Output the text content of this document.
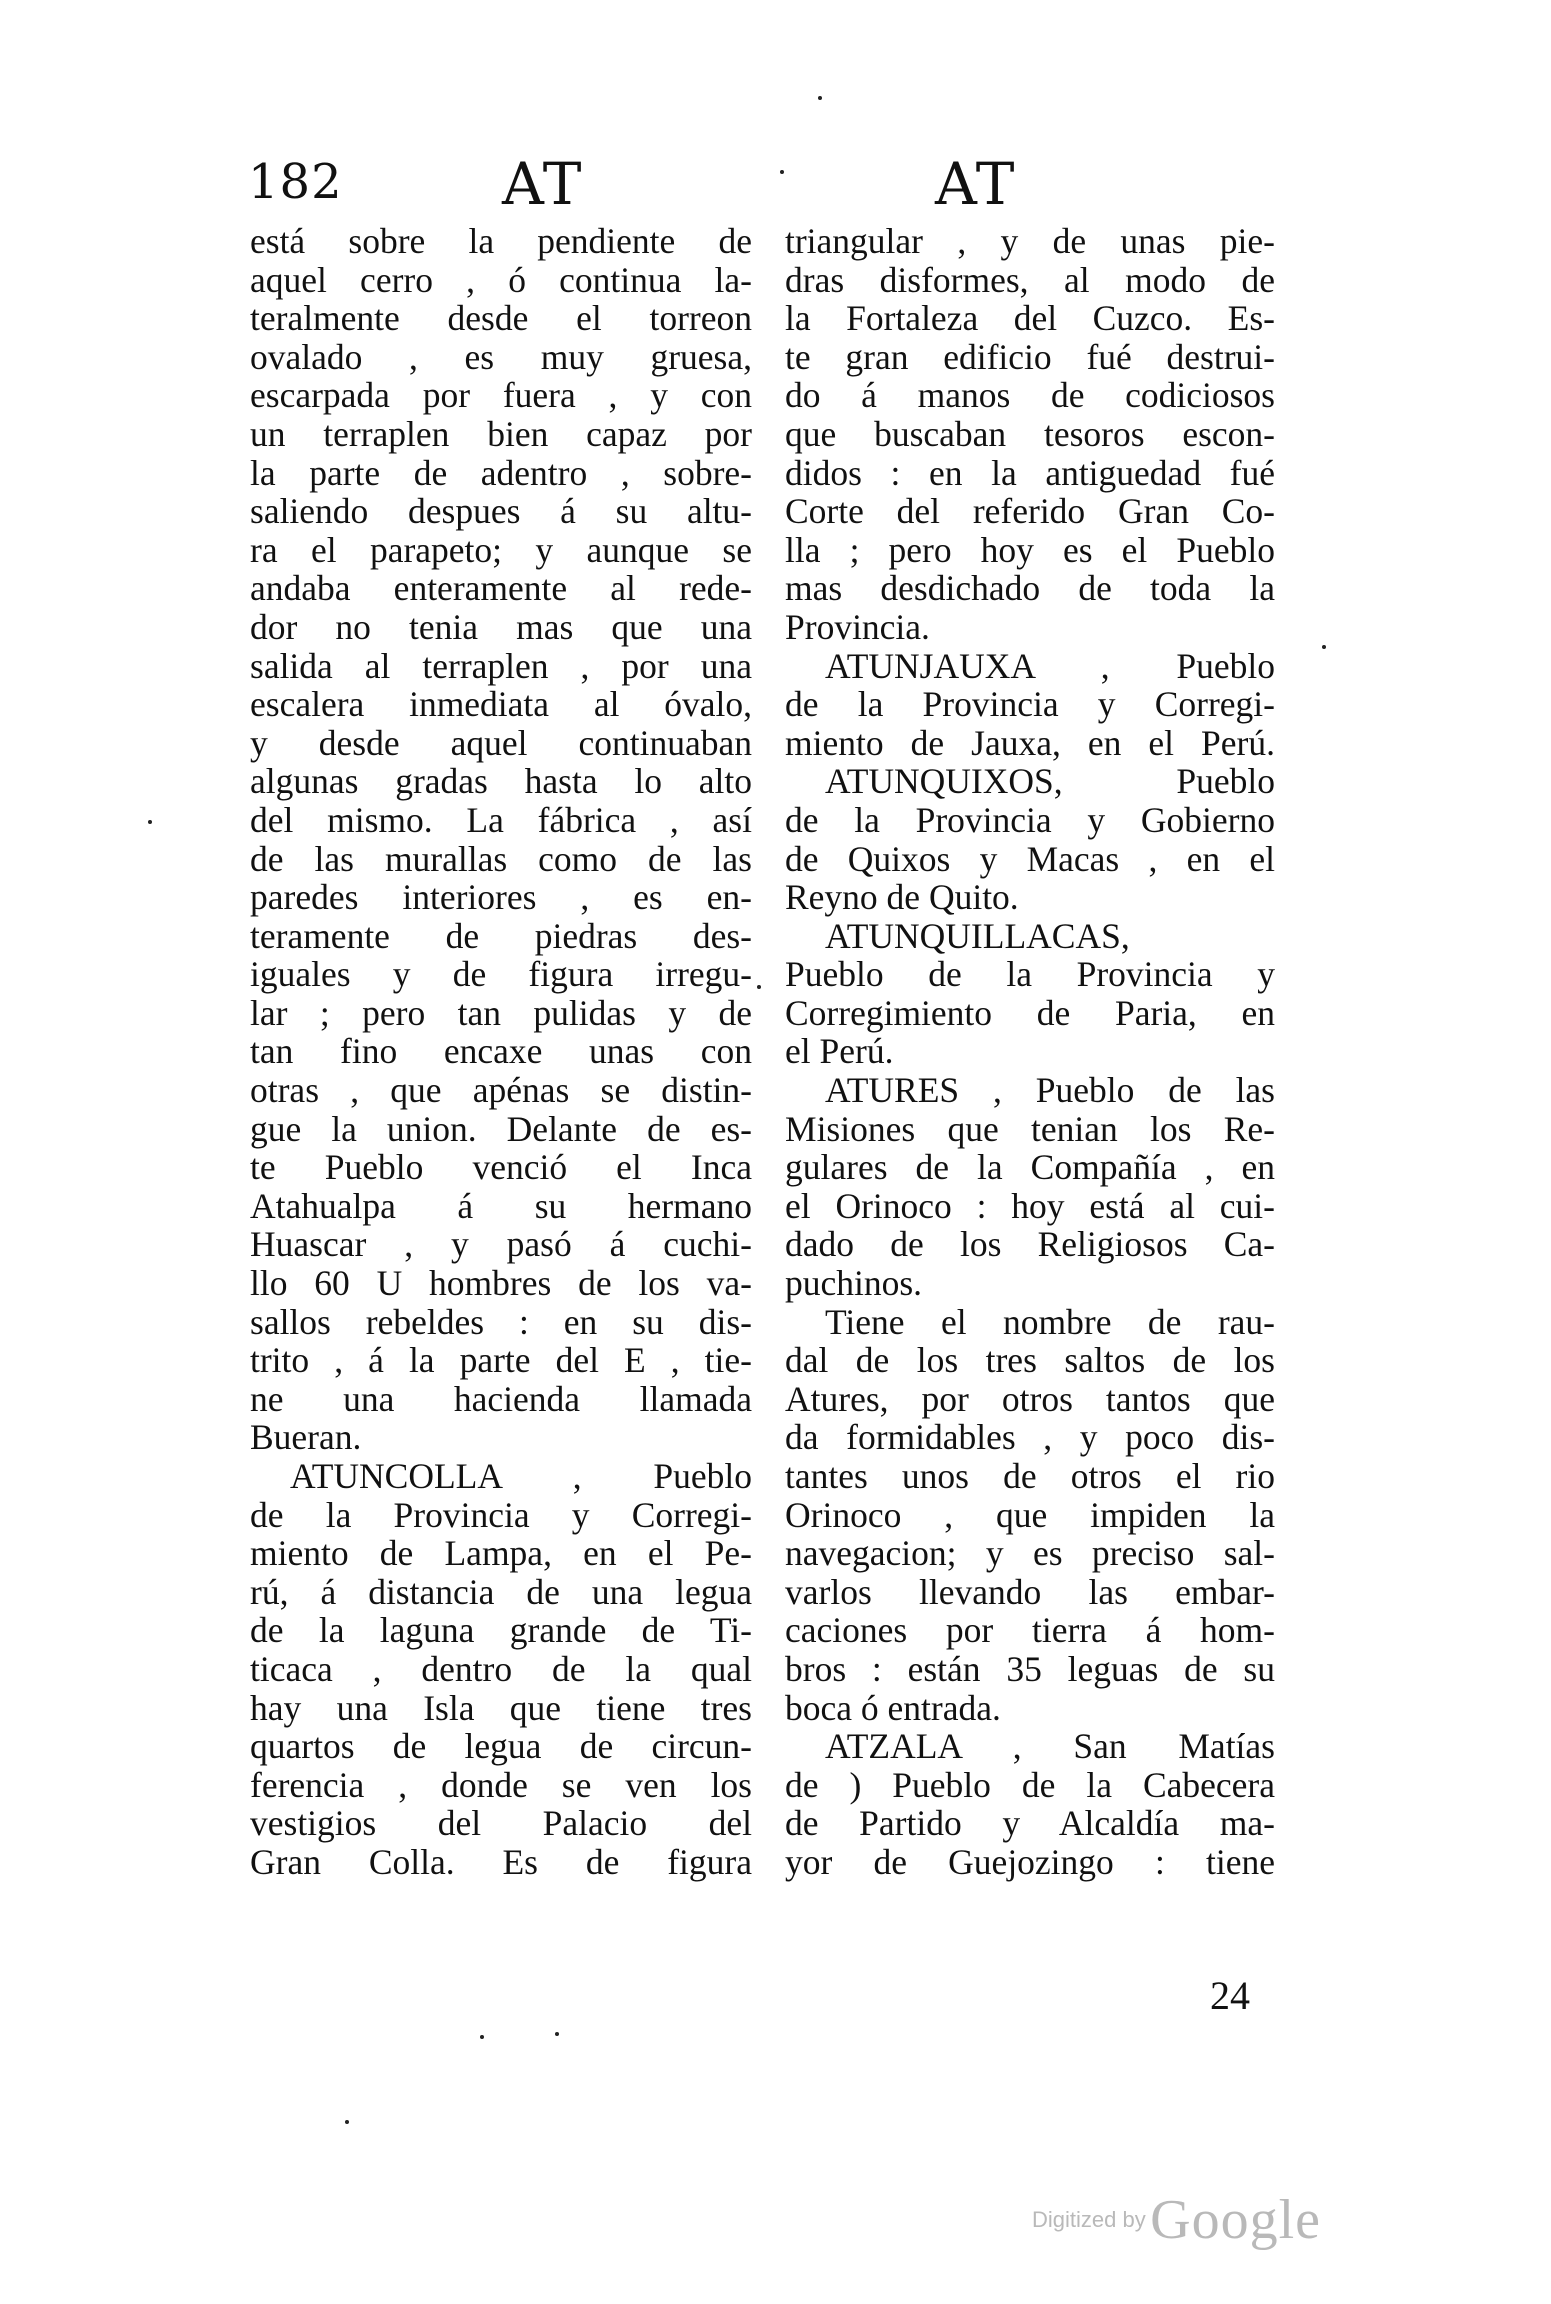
182	AT	AT
está sobre la pendiente de
aquel cerro , ó continua la-
teralmente desde el torreon
ovalado , es muy gruesa,
escarpada por fuera , y con
un terraplen bien capaz por
la parte de adentro , sobre-
saliendo despues á su altu-
ra el parapeto; y aunque se
andaba enteramente al rede-
dor no tenia mas que una
salida al terraplen , por una
escalera inmediata al óvalo,
y desde aquel continuaban
algunas gradas hasta lo alto
del mismo. La fábrica , así
de las murallas como de las
paredes interiores , es en-
teramente de piedras des-
iguales y de figura irregu-
lar ; pero tan pulidas y de
tan fino encaxe unas con
otras , que apénas se distin-
gue la union. Delante de es-
te Pueblo venció el Inca
Atahualpa á su hermano
Huascar , y pasó á cuchi-
llo 60 U hombres de los va-
sallos rebeldes : en su dis-
trito , á la parte del E , tie-
ne una hacienda llamada
Bueran.
ATUNCOLLA , Pueblo
de la Provincia y Corregi-
miento de Lampa, en el Pe-
rú, á distancia de una legua
de la laguna grande de Ti-
ticaca , dentro de la qual
hay una Isla que tiene tres
quartos de legua de circun-
ferencia , donde se ven los
vestigios del Palacio del
Gran Colla. Es de figura
triangular , y de unas pie-
dras disformes, al modo de
la Fortaleza del Cuzco. Es-
te gran edificio fué destrui-
do á manos de codiciosos
que buscaban tesoros escon-
didos : en la antiguedad fué
Corte del referido Gran Co-
lla ; pero hoy es el Pueblo
mas desdichado de toda la
Provincia.
ATUNJAUXA , Pueblo
de la Provincia y Corregi-
miento de Jauxa, en el Perú.
ATUNQUIXOS, Pueblo
de la Provincia y Gobierno
de Quixos y Macas , en el
Reyno de Quito.
ATUNQUILLACAS,
Pueblo de la Provincia y
Corregimiento de Paria, en
el Perú.
ATURES , Pueblo de las
Misiones que tenian los Re-
gulares de la Compañía , en
el Orinoco : hoy está al cui-
dado de los Religiosos Ca-
puchinos.
Tiene el nombre de rau-
dal de los tres saltos de los
Atures, por otros tantos que
da formidables , y poco dis-
tantes unos de otros el rio
Orinoco , que impiden la
navegacion; y es preciso sal-
varlos llevando las embar-
caciones por tierra á hom-
bros : están 35 leguas de su
boca ó entrada.
ATZALA , San Matías
de ) Pueblo de la Cabecera
de Partido y Alcaldía ma-
yor de Guejozingo : tiene
24
Digitized by Google
